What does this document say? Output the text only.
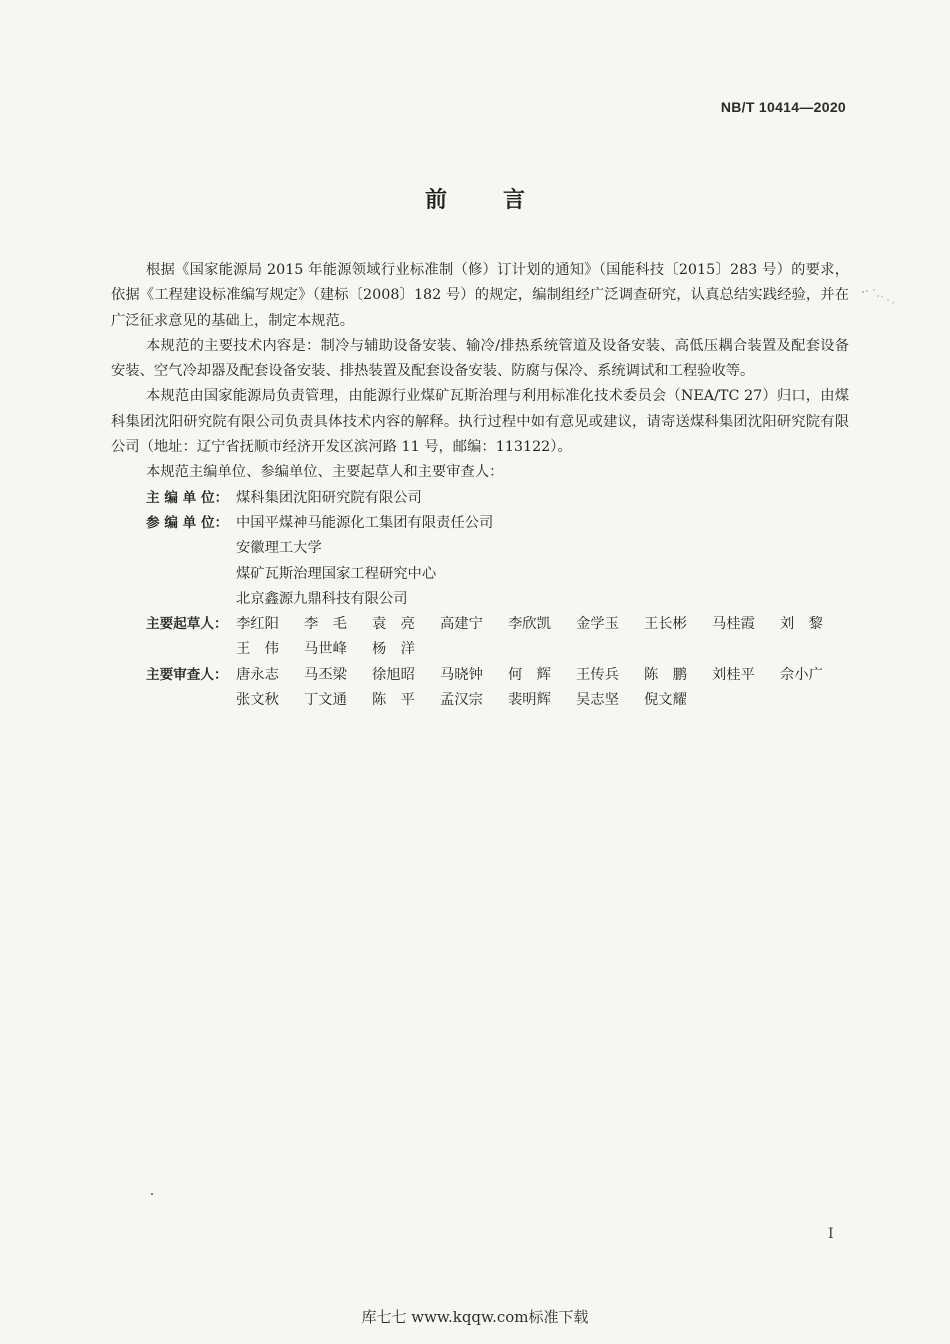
NB/T 10414—2020
前言

根据《国家能源局 2015 年能源领域行业标准制（修）订计划的通知》（国能科技〔2015〕283 号）的要求，依据《工程建设标准编写规定》（建标〔2008〕182 号）的规定，编制组经广泛调查研究，认真总结实践经验，并在广泛征求意见的基础上，制定本规范。

本规范的主要技术内容是：制冷与辅助设备安装、输冷/排热系统管道及设备安装、高低压耦合装置及配套设备安装、空气冷却器及配套设备安装、排热装置及配套设备安装、防腐与保冷、系统调试和工程验收等。

本规范由国家能源局负责管理，由能源行业煤矿瓦斯治理与利用标准化技术委员会（NEA/TC 27）归口，由煤科集团沈阳研究院有限公司负责具体技术内容的解释。执行过程中如有意见或建议，请寄送煤科集团沈阳研究院有限公司（地址：辽宁省抚顺市经济开发区滨河路 11 号，邮编：113122）。

本规范主编单位、参编单位、主要起草人和主要审查人：

主 编 单 位： 煤科集团沈阳研究院有限公司
参 编 单 位： 中国平煤神马能源化工集团有限责任公司
安徽理工大学
煤矿瓦斯治理国家工程研究中心
北京鑫源九鼎科技有限公司
主要起草人： 李红阳	李　毛	袁　亮	高建宁	李欣凯	金学玉	王长彬	马桂霞	刘　黎
王　伟	马世峰	杨　洋
主要审查人： 唐永志	马丕梁	徐旭昭	马晓钟	何　辉	王传兵	陈　鹏	刘桂平	佘小广
张文秋	丁文通	陈　平	孟汉宗	裴明辉	吴志坚	倪文耀
I
库七七 www.kqqw.com标准下载
